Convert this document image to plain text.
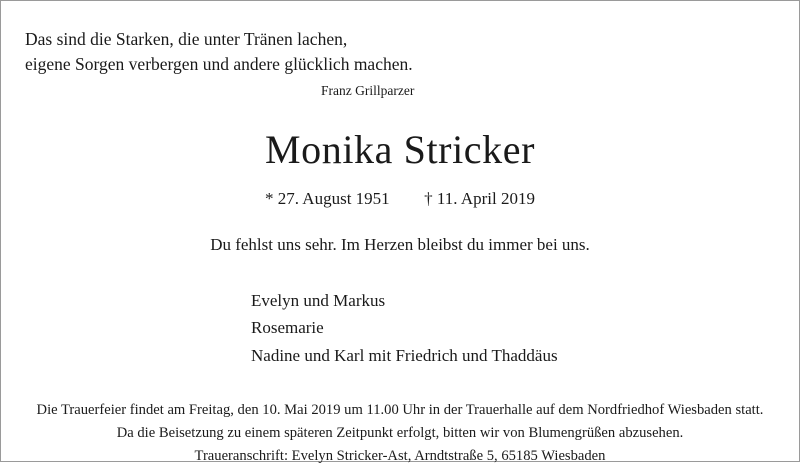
Das sind die Starken, die unter Tränen lachen,
eigene Sorgen verbergen und andere glücklich machen.
Franz Grillparzer
Monika Stricker
* 27. August 1951 † 11. April 2019
Du fehlst uns sehr. Im Herzen bleibst du immer bei uns.
Evelyn und Markus
Rosemarie
Nadine und Karl mit Friedrich und Thaddäus
Die Trauerfeier findet am Freitag, den 10. Mai 2019 um 11.00 Uhr in der Trauerhalle auf dem Nordfriedhof Wiesbaden statt.
Da die Beisetzung zu einem späteren Zeitpunkt erfolgt, bitten wir von Blumengrüßen abzusehen.
Traueranschrift: Evelyn Stricker-Ast, Arndtstraße 5, 65185 Wiesbaden
